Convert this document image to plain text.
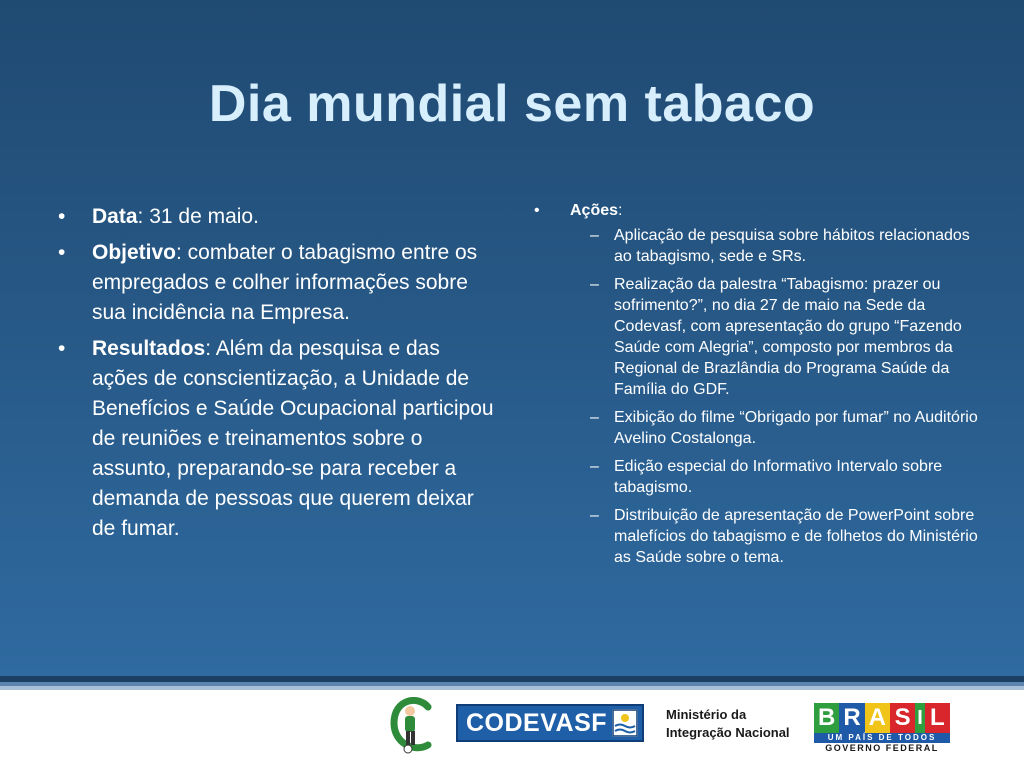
Dia mundial sem tabaco
• Data: 31 de maio.
• Objetivo: combater o tabagismo entre os empregados e colher informações sobre sua incidência na Empresa.
• Resultados: Além da pesquisa e das ações de conscientização, a Unidade de Benefícios e Saúde Ocupacional participou de reuniões e treinamentos sobre o assunto, preparando-se para receber a demanda de pessoas que querem deixar de fumar.
• Ações:
– Aplicação de pesquisa sobre hábitos relacionados ao tabagismo, sede e SRs.
– Realização da palestra “Tabagismo: prazer ou sofrimento?”, no dia 27 de maio na Sede da Codevasf, com apresentação do grupo “Fazendo Saúde com Alegria”, composto por membros da Regional de Brazlândia do Programa Saúde da Família do GDF.
– Exibição do filme “Obrigado por fumar” no Auditório Avelino Costalonga.
– Edição especial do Informativo Intervalo sobre tabagismo.
– Distribuição de apresentação de PowerPoint sobre malefícios do tabagismo e de folhetos do Ministério as Saúde sobre o tema.
CODEVASF	Ministério da
Integração Nacional
B R A S I L
UM PAÍS DE TODOS
GOVERNO FEDERAL
